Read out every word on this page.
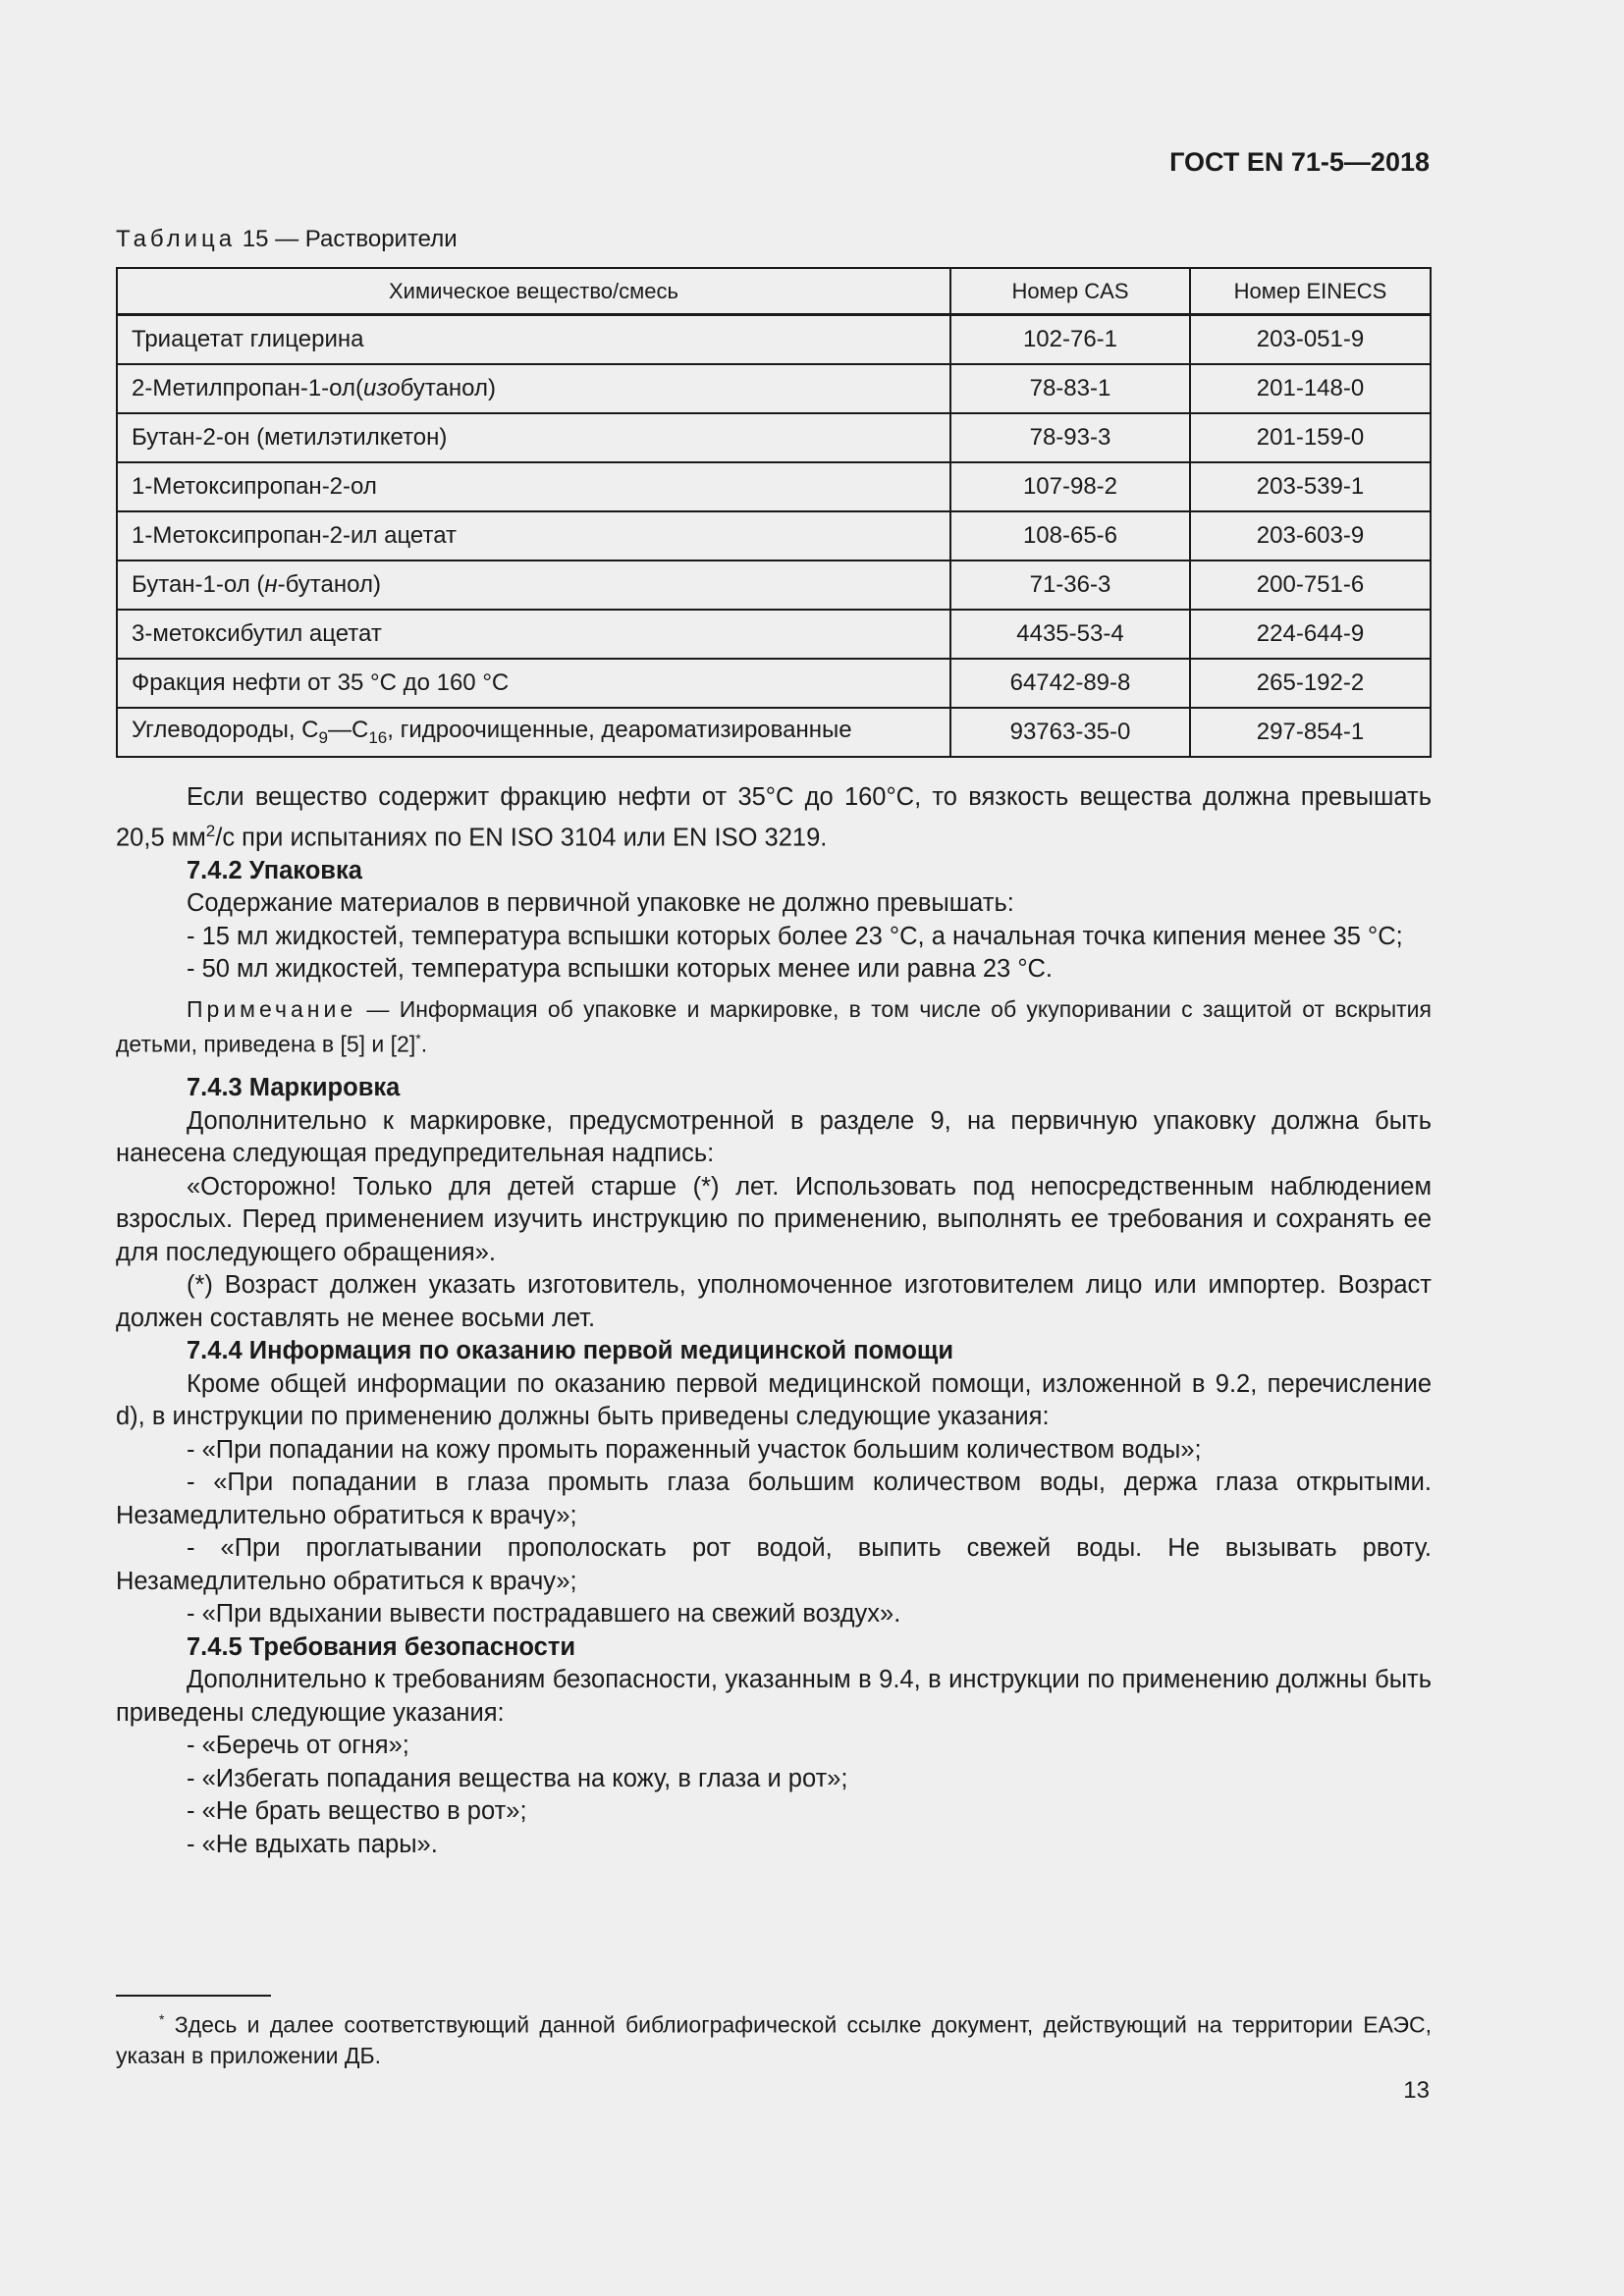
ГОСТ EN 71-5—2018
Таблица 15 — Растворители
Химическое вещество/смесь	Номер CAS	Номер EINECS
Триацетат глицерина	102-76-1	203-051-9
2-Метилпропан-1-ол(изобутанол)	78-83-1	201-148-0
Бутан-2-он (метилэтилкетон)	78-93-3	201-159-0
1-Метоксипропан-2-ол	107-98-2	203-539-1
1-Метоксипропан-2-ил ацетат	108-65-6	203-603-9
Бутан-1-ол (н-бутанол)	71-36-3	200-751-6
3-метоксибутил ацетат	4435-53-4	224-644-9
Фракция нефти от 35 °C до 160 °C	64742-89-8	265-192-2
Углеводороды, $C_9—C_{16}$, гидроочищенные, деароматизированные	93763-35-0	297-854-1

Если вещество содержит фракцию нефти от 35°C до 160°C, то вязкость вещества должна превышать 20,5 $мм^2/с$ при испытаниях по EN ISO 3104 или EN ISO 3219.

7.4.2 Упаковка

Содержание материалов в первичной упаковке не должно превышать:

- 15 мл жидкостей, температура вспышки которых более 23 °C, а начальная точка кипения менее 35 °C;

- 50 мл жидкостей, температура вспышки которых менее или равна 23 °C.

Примечание — Информация об упаковке и маркировке, в том числе об укупоривании с защитой от вскрытия детьми, приведена в [5] и [2]*.

7.4.3 Маркировка

Дополнительно к маркировке, предусмотренной в разделе 9, на первичную упаковку должна быть нанесена следующая предупредительная надпись:

«Осторожно! Только для детей старше (*) лет. Использовать под непосредственным наблюдением взрослых. Перед применением изучить инструкцию по применению, выполнять ее требования и сохранять ее для последующего обращения».

(*) Возраст должен указать изготовитель, уполномоченное изготовителем лицо или импортер. Возраст должен составлять не менее восьми лет.

7.4.4 Информация по оказанию первой медицинской помощи

Кроме общей информации по оказанию первой медицинской помощи, изложенной в 9.2, перечисление d), в инструкции по применению должны быть приведены следующие указания:

- «При попадании на кожу промыть пораженный участок большим количеством воды»;

- «При попадании в глаза промыть глаза большим количеством воды, держа глаза открытыми. Незамедлительно обратиться к врачу»;

- «При проглатывании прополоскать рот водой, выпить свежей воды. Не вызывать рвоту. Незамедлительно обратиться к врачу»;

- «При вдыхании вывести пострадавшего на свежий воздух».

7.4.5 Требования безопасности

Дополнительно к требованиям безопасности, указанным в 9.4, в инструкции по применению должны быть приведены следующие указания:

- «Беречь от огня»;

- «Избегать попадания вещества на кожу, в глаза и рот»;

- «Не брать вещество в рот»;

- «Не вдыхать пары».

* Здесь и далее соответствующий данной библиографической ссылке документ, действующий на территории ЕАЭС, указан в приложении ДБ.
13
